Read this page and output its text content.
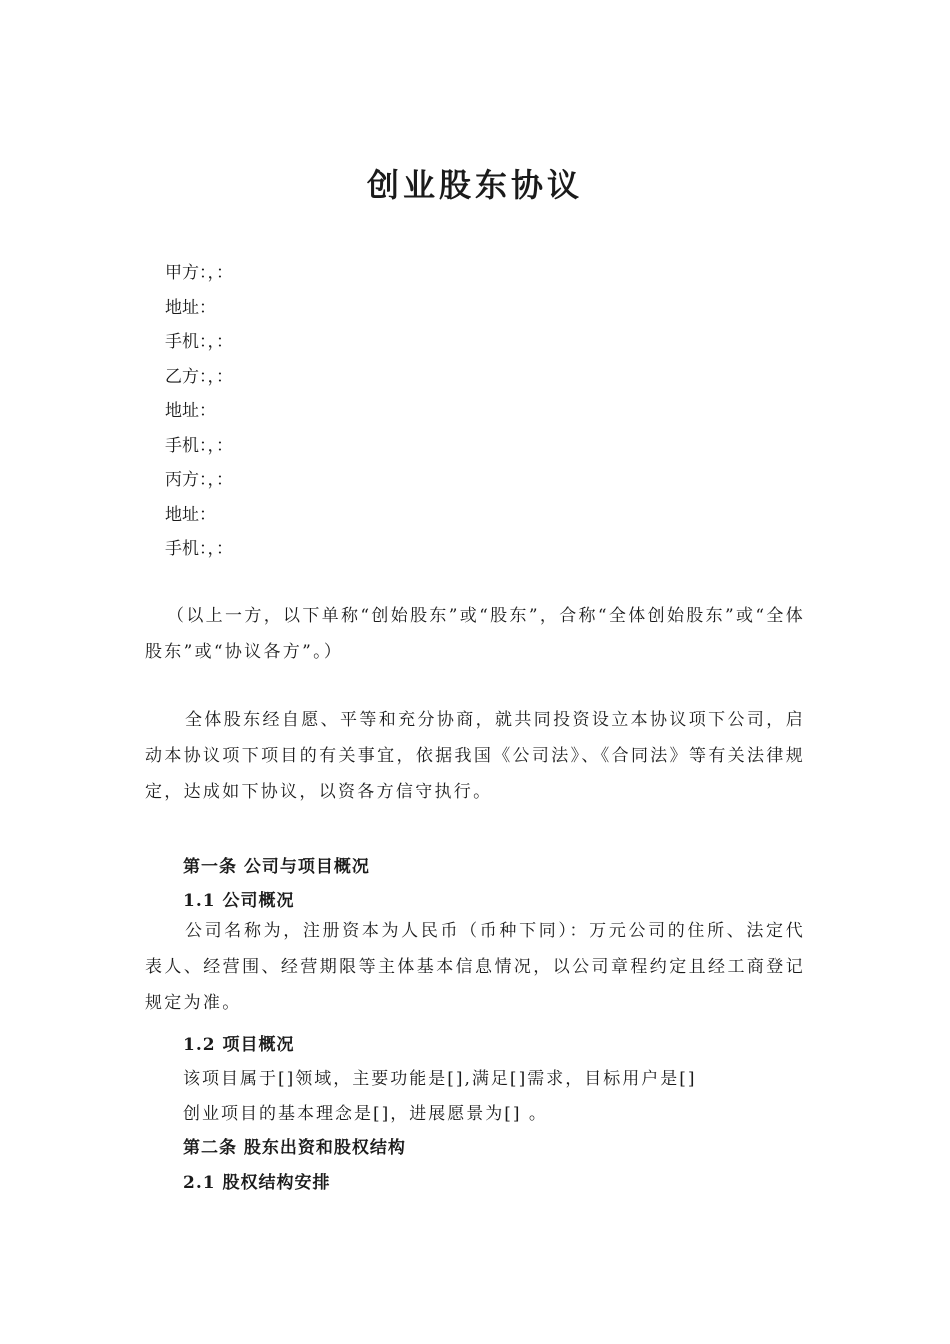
创业股东协议
甲方：，：
地址：
手机：，：
乙方：，：
地址：
手机：，：
丙方：，：
地址：
手机：，：
（以上一方，以下单称“创始股东”或“股东”，合称“全体创始股东”或“全体股东”或“协议各方”。）
全体股东经自愿、平等和充分协商，就共同投资设立本协议项下公司，启动本协议项下项目的有关事宜，依据我国《公司法》、《合同法》等有关法律规定，达成如下协议，以资各方信守执行。
第一条 公司与项目概况
1.1 公司概况
公司名称为，注册资本为人民币（币种下同）：万元公司的住所、法定代表人、经营围、经营期限等主体基本信息情况，以公司章程约定且经工商登记规定为准。
1.2 项目概况
该项目属于[]领域，主要功能是[],满足[]需求，目标用户是[]
创业项目的基本理念是[]，进展愿景为[] 。
第二条 股东出资和股权结构
2.1 股权结构安排
